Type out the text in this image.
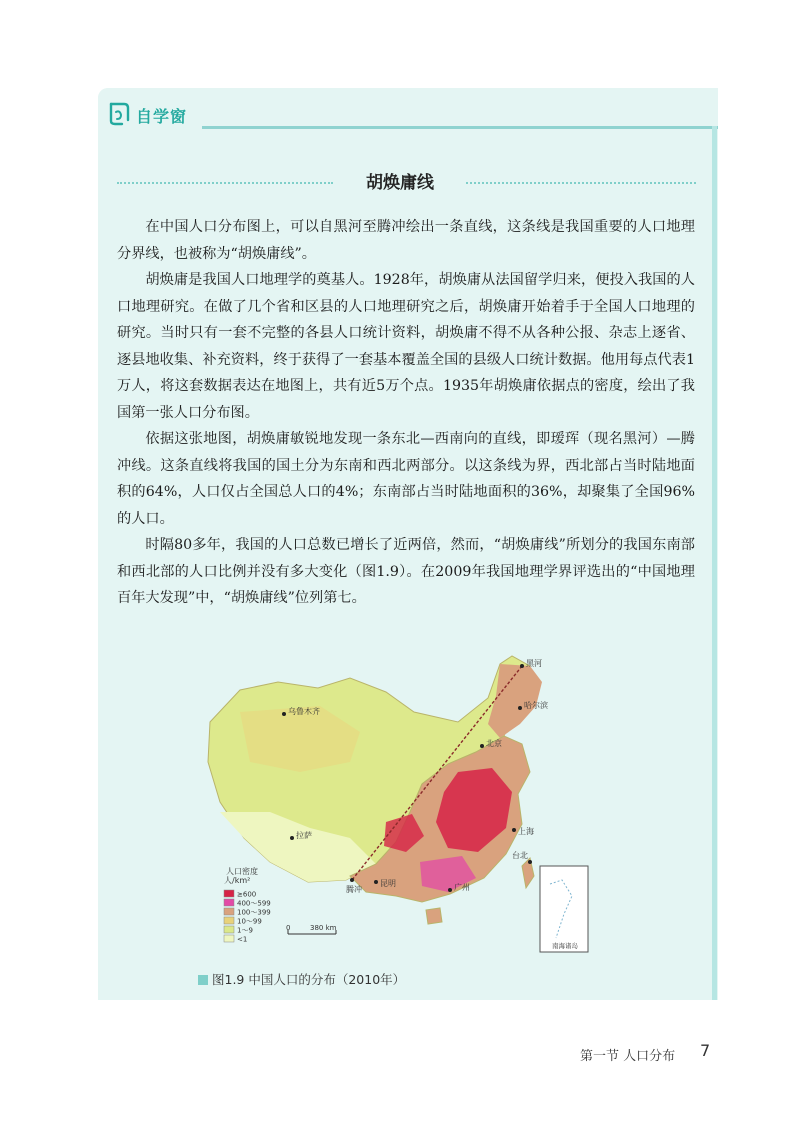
自学窗
胡焕庸线

在中国人口分布图上，可以自黑河至腾冲绘出一条直线，这条线是我国重要的人口地理分界线，也被称为“胡焕庸线”。

胡焕庸是我国人口地理学的奠基人。1928年，胡焕庸从法国留学归来，便投入我国的人口地理研究。在做了几个省和区县的人口地理研究之后，胡焕庸开始着手于全国人口地理的研究。当时只有一套不完整的各县人口统计资料，胡焕庸不得不从各种公报、杂志上逐省、逐县地收集、补充资料，终于获得了一套基本覆盖全国的县级人口统计数据。他用每点代表1万人，将这套数据表达在地图上，共有近5万个点。1935年胡焕庸依据点的密度，绘出了我国第一张人口分布图。

依据这张地图，胡焕庸敏锐地发现一条东北—西南向的直线，即瑷珲（现名黑河）—腾冲线。这条直线将我国的国土分为东南和西北两部分。以这条线为界，西北部占当时陆地面积的64%，人口仅占全国总人口的4%；东南部占当时陆地面积的36%，却聚集了全国96%的人口。

时隔80多年，我国的人口总数已增长了近两倍，然而，“胡焕庸线”所划分的我国东南部和西北部的人口比例并没有多大变化（图1.9）。在2009年我国地理学界评选出的“中国地理百年大发现”中，“胡焕庸线”位列第七。

黑河
哈尔滨
北京
乌鲁木齐
拉萨	上海
腾冲
昆明	广州
台北
人口密度
人/km²
≥600
400～599
100～399
10～99
1～9
<1
0	380 km
南海诸岛
图1.9 中国人口的分布（2010年）
第一节 人口分布 7
